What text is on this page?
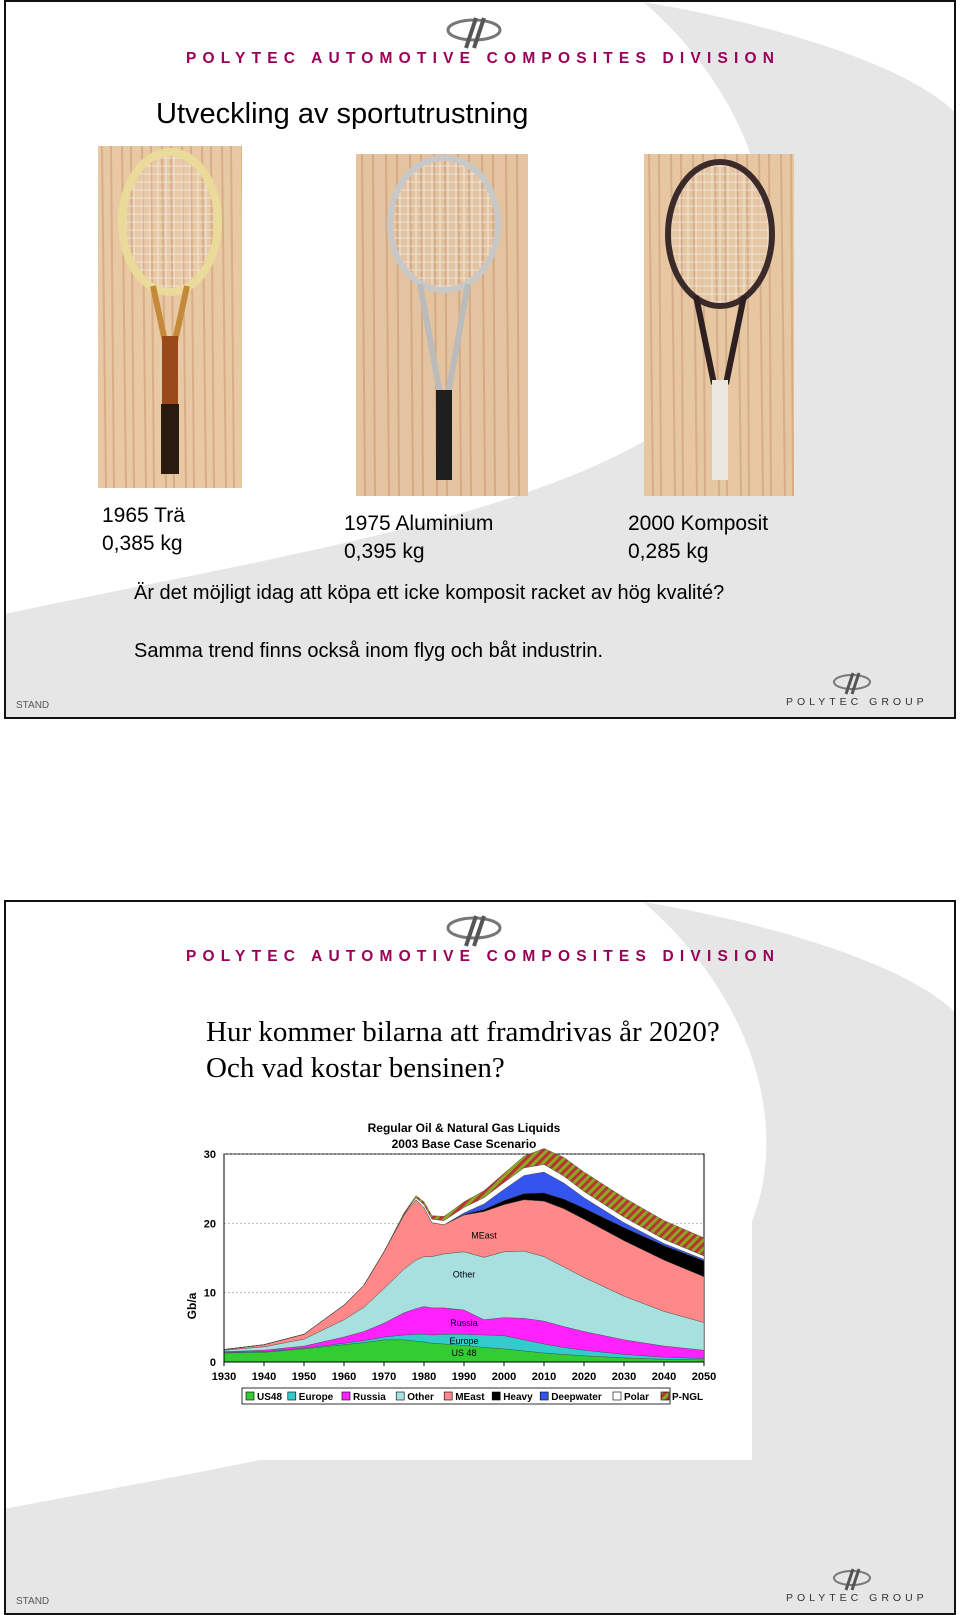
POLYTEC AUTOMOTIVE COMPOSITES DIVISION
Utveckling av sportutrustning
1965 Trä
0,385 kg
1975 Aluminium
0,395 kg
2000 Komposit
0,285 kg
Är det möjligt idag att köpa ett icke komposit racket av hög kvalité?
Samma trend finns också inom flyg och båt industrin.
STAND	POLYTEC GROUP
POLYTEC AUTOMOTIVE COMPOSITES DIVISION
STAND	POLYTEC GROUP
Hur kommer bilarna att framdrivas år 2020?
Och vad kostar bensinen?
Regular Oil & Natural Gas Liquids
2003 Base Case Scenario
Gb/a
MEast
Other
Russia
Europe
US 48
0
10
20
30
1930 1940 1950 1960 1970 1980 1990 2000 2010 2020 2030 2040 2050
US48 Europe Russia Other MEast Heavy Deepwater Polar P-NGL
